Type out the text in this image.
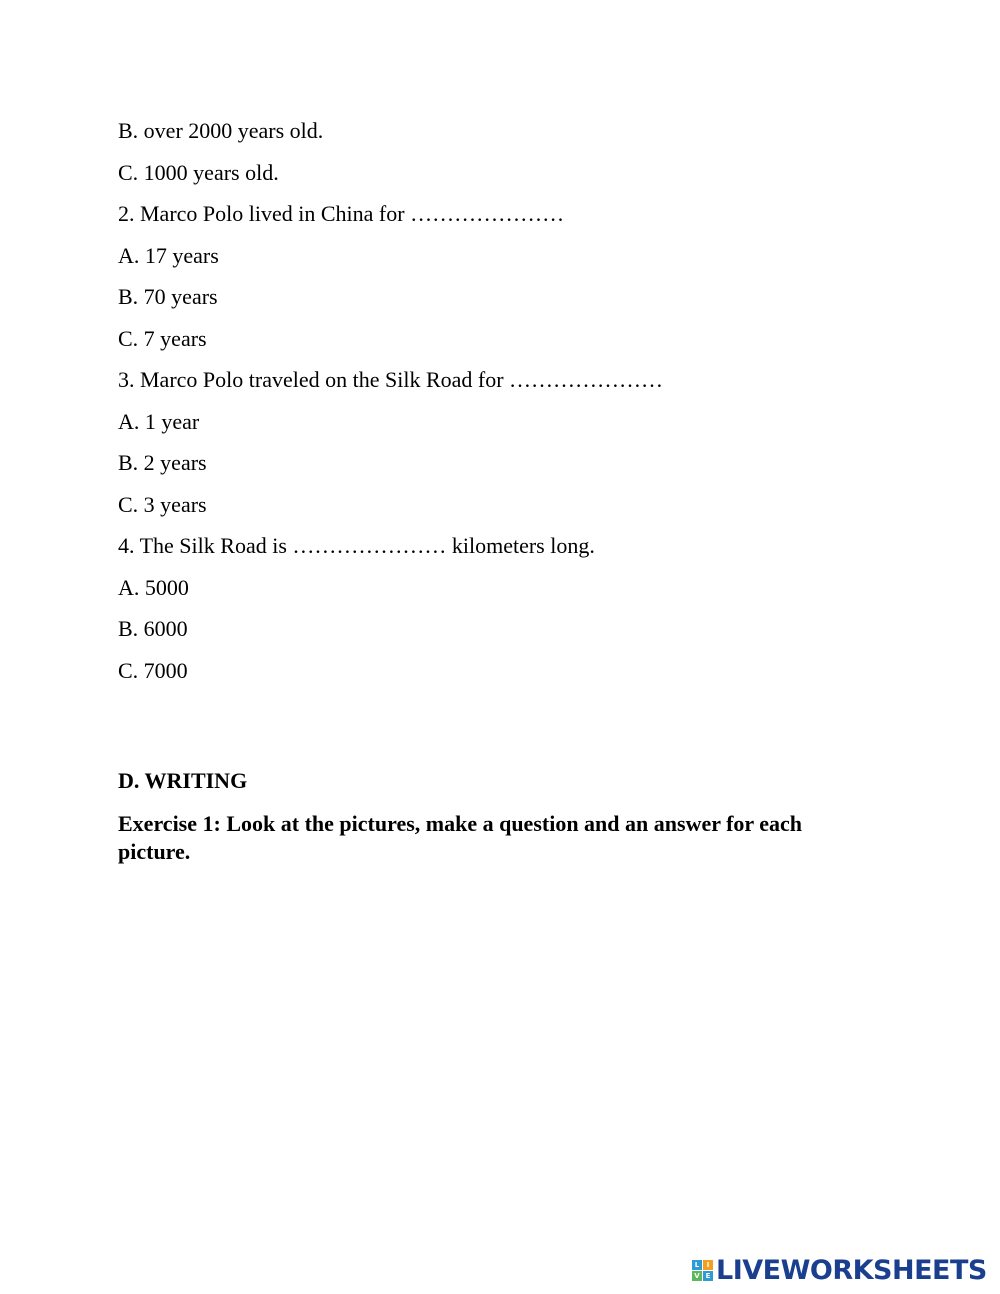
B. over 2000 years old.
C. 1000 years old.
2. Marco Polo lived in China for …………………
A. 17 years
B. 70 years
C. 7 years
3. Marco Polo traveled on the Silk Road for …………………
A. 1 year
B. 2 years
C. 3 years
4. The Silk Road is ………………… kilometers long.
A. 5000
B. 6000
C. 7000
D. WRITING
Exercise 1: Look at the pictures, make a question and an answer for each picture.
L	I
V E LIVEWORKSHEETS
